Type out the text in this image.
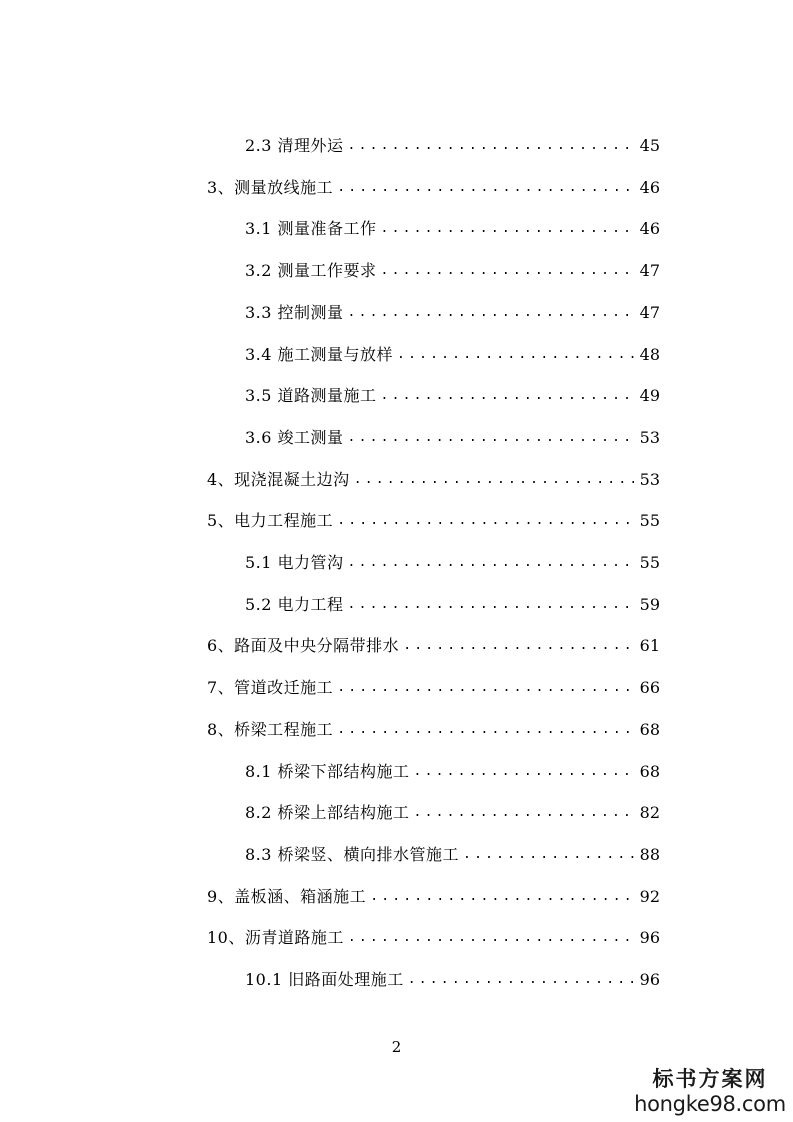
2.3 清理外运 .....	45
3、测量放线施工 .....	46
3.1 测量准备工作 .....	46
3.2 测量工作要求 .....	47
3.3 控制测量 .....	47
3.4 施工测量与放样 .....	48
3.5 道路测量施工 .....	49
3.6 竣工测量 .....	53
4、现浇混凝土边沟 .....	53
5、电力工程施工 .....	55
5.1 电力管沟 .....	55
5.2 电力工程 .....	59
6、路面及中央分隔带排水 .....	61
7、管道改迁施工 .....	66
8、桥梁工程施工 .....	68
8.1 桥梁下部结构施工 .....	68
8.2 桥梁上部结构施工 .....	82
8.3 桥梁竖、横向排水管施工 .....	88
9、盖板涵、箱涵施工 .....	92
10、沥青道路施工 .....	96
10.1 旧路面处理施工 .....	96
2
标书方案网
hongke98.com
